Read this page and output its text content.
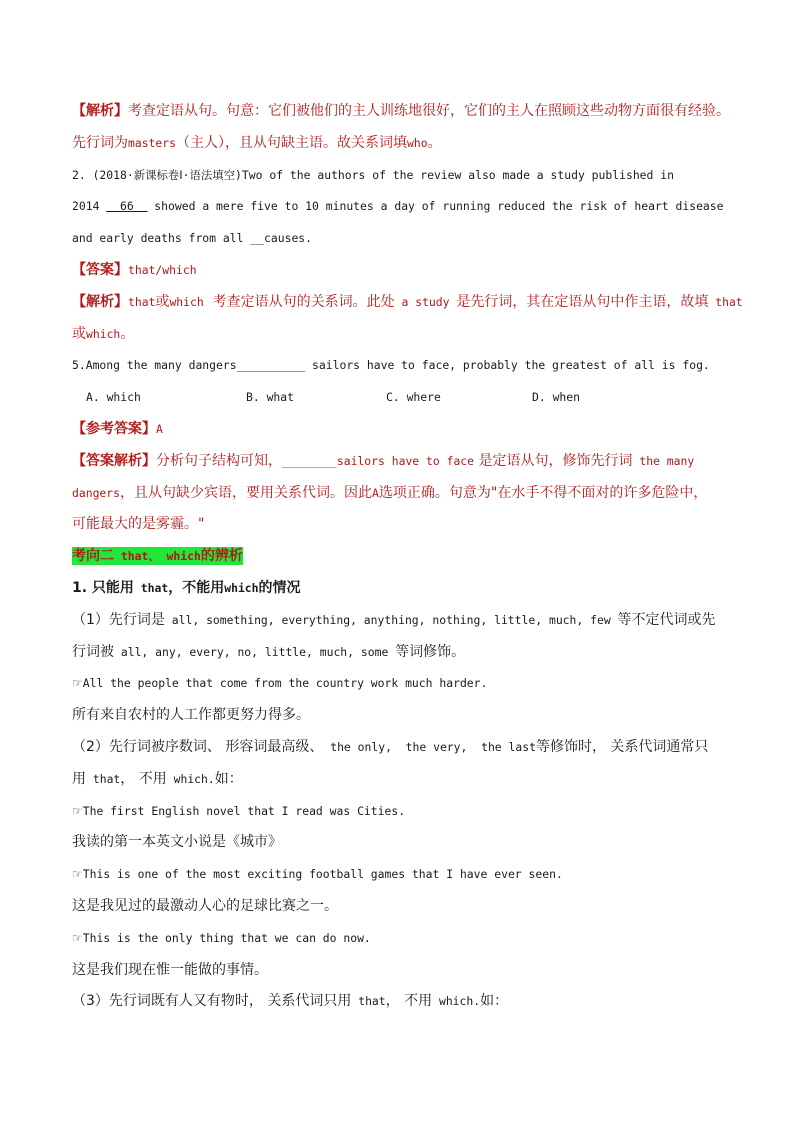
【解析】考查定语从句。句意：它们被他们的主人训练地很好，它们的主人在照顾这些动物方面很有经验。
先行词为masters（主人），且从句缺主语。故关系词填who。
2. (2018·新课标卷Ⅰ·语法填空)Two of the authors of the review also made a study published in
2014   66   showed a mere five to 10 minutes a day of running reduced the risk of heart disease
and early deaths from all __causes.
【答案】that/which
【解析】that或which  考查定语从句的关系词。此处 a study 是先行词，其在定语从句中作主语，故填 that
或which。
5.Among the many dangers__________ sailors have to face, probably the greatest of all is fog.
A. which	B. what	C. where	D. when
【参考答案】A
【答案解析】分析句子结构可知，________sailors have to face 是定语从句，修饰先行词 the many
dangers，且从句缺少宾语，要用关系代词。因此A选项正确。句意为"在水手不得不面对的许多危险中，
可能最大的是雾霾。"
考向二 that、 which的辨析
1. 只能用 that，不能用which的情况
（1）先行词是 all, something, everything, anything, nothing, little, much, few 等不定代词或先
行词被 all, any, every, no, little, much, some 等词修饰。
☞All the people that come from the country work much harder.
所有来自农村的人工作都更努力得多。
（2）先行词被序数词、 形容词最高级、 the only,  the very,  the last等修饰时， 关系代词通常只
用 that， 不用 which.如：
☞The first English novel that I read was Cities.
我读的第一本英文小说是《城市》
☞This is one of the most exciting football games that I have ever seen.
这是我见过的最激动人心的足球比赛之一。
☞This is the only thing that we can do now.
这是我们现在惟一能做的事情。
（3）先行词既有人又有物时， 关系代词只用 that， 不用 which.如：
